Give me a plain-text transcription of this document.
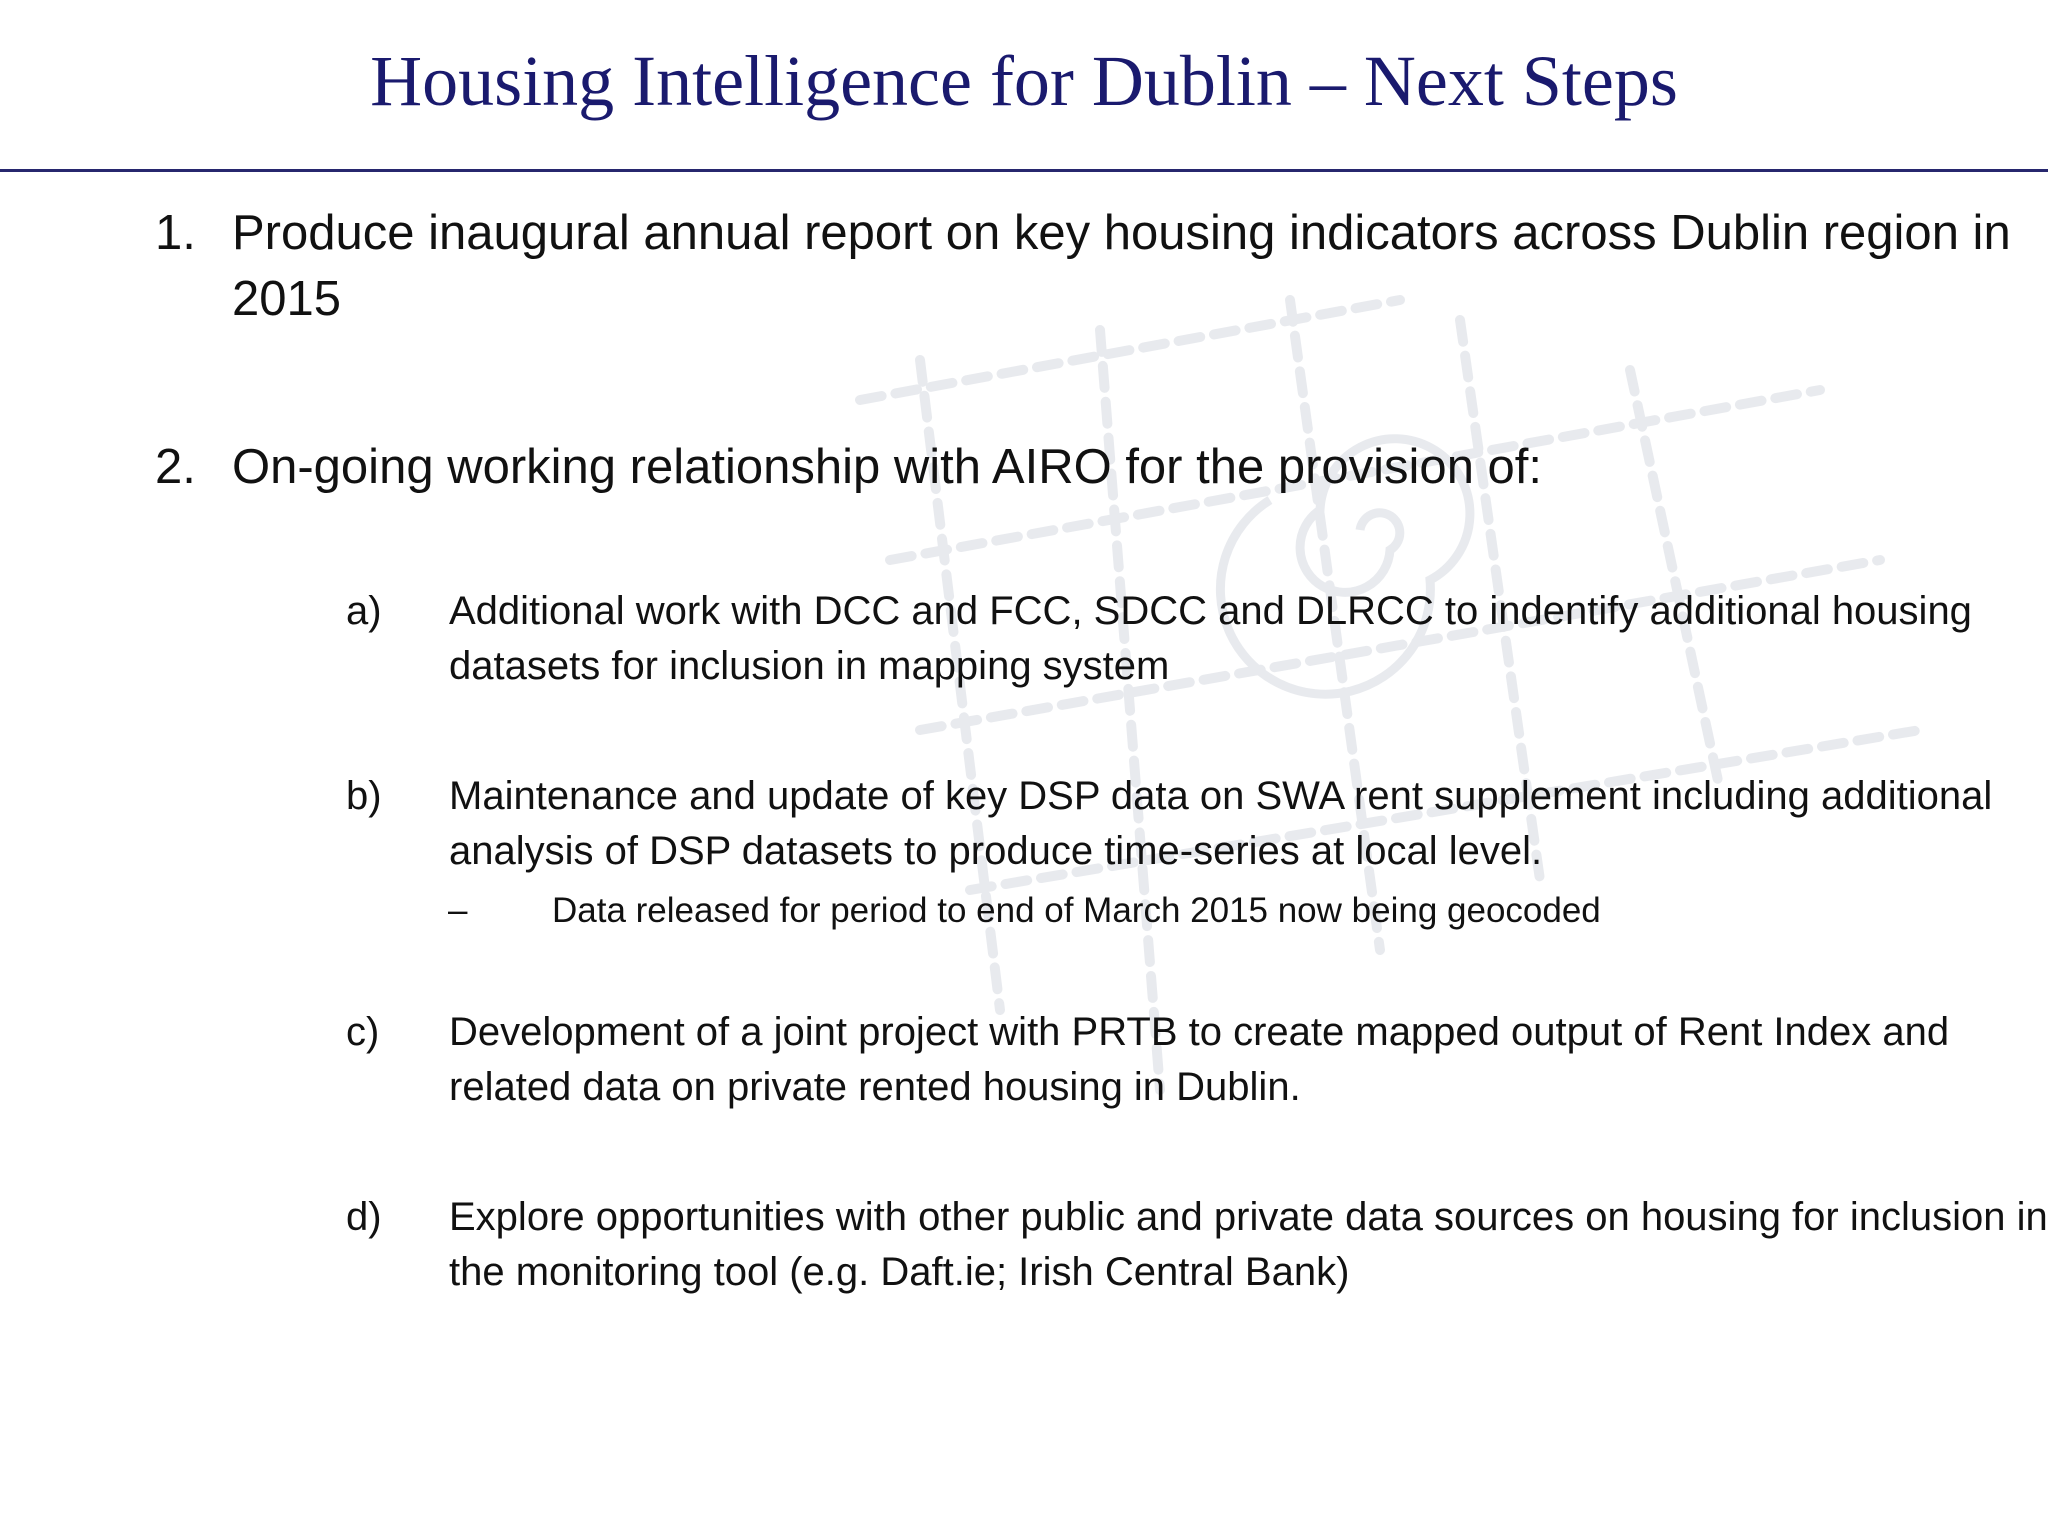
Housing Intelligence for Dublin – Next Steps
1. Produce inaugural annual report on key housing indicators across Dublin region in 2015
2. On-going working relationship with AIRO for the provision of:
a) Additional work with DCC and FCC, SDCC and DLRCC to indentify additional housing datasets for inclusion in mapping system
b) Maintenance and update of key DSP data on SWA rent supplement including additional analysis of DSP datasets to produce time-series at local level.
– Data released for period to end of March 2015 now being geocoded
c) Development of a joint project with PRTB to create mapped output of Rent Index and related data on private rented housing in Dublin.
d) Explore opportunities with other public and private data sources on housing for inclusion in the monitoring tool (e.g. Daft.ie; Irish Central Bank)
